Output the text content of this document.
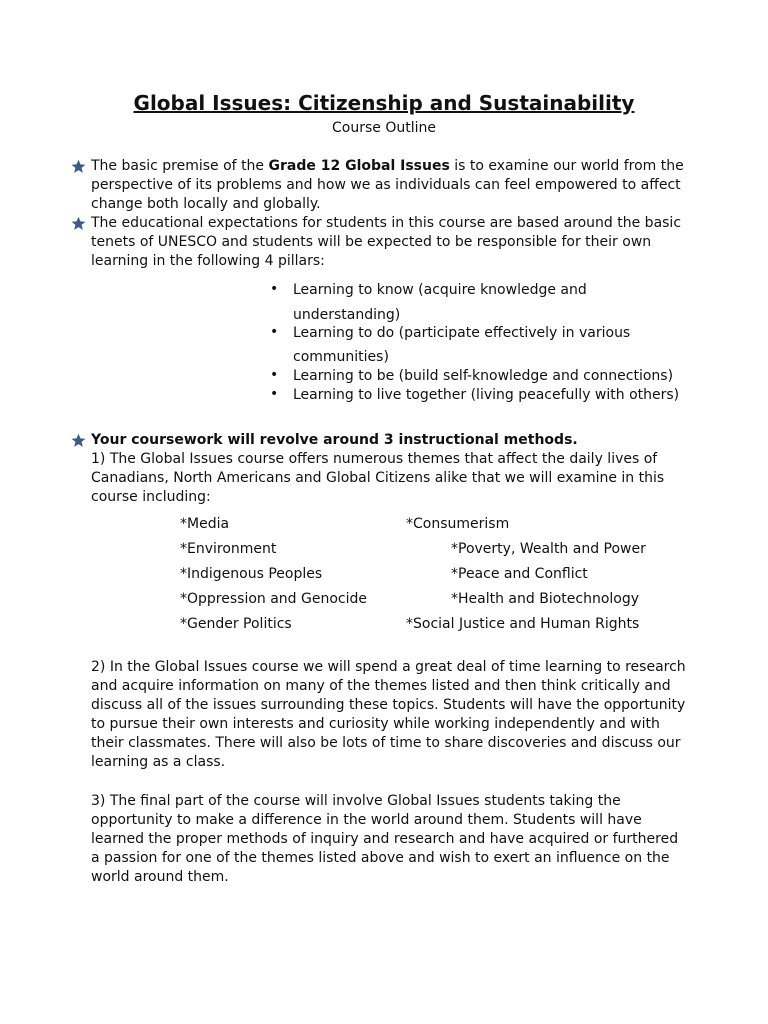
Global Issues: Citizenship and Sustainability
Course Outline
The basic premise of the Grade 12 Global Issues is to examine our world from the
perspective of its problems and how we as individuals can feel empowered to affect
change both locally and globally.
The educational expectations for students in this course are based around the basic
tenets of UNESCO and students will be expected to be responsible for their own
learning in the following 4 pillars:
• Learning to know (acquire knowledge and
understanding)
• Learning to do (participate effectively in various
communities)
• Learning to be (build self-knowledge and connections)
• Learning to live together (living peacefully with others)
Your coursework will revolve around 3 instructional methods.
1) The Global Issues course offers numerous themes that affect the daily lives of
Canadians, North Americans and Global Citizens alike that we will examine in this
course including:
*Media
*Environment
*Indigenous Peoples
*Oppression and Genocide
*Gender Politics
*Consumerism
*Poverty, Wealth and Power
*Peace and Conflict
*Health and Biotechnology
*Social Justice and Human Rights
2) In the Global Issues course we will spend a great deal of time learning to research
and acquire information on many of the themes listed and then think critically and
discuss all of the issues surrounding these topics. Students will have the opportunity
to pursue their own interests and curiosity while working independently and with
their classmates. There will also be lots of time to share discoveries and discuss our
learning as a class.
3) The final part of the course will involve Global Issues students taking the
opportunity to make a difference in the world around them. Students will have
learned the proper methods of inquiry and research and have acquired or furthered
a passion for one of the themes listed above and wish to exert an influence on the
world around them.
